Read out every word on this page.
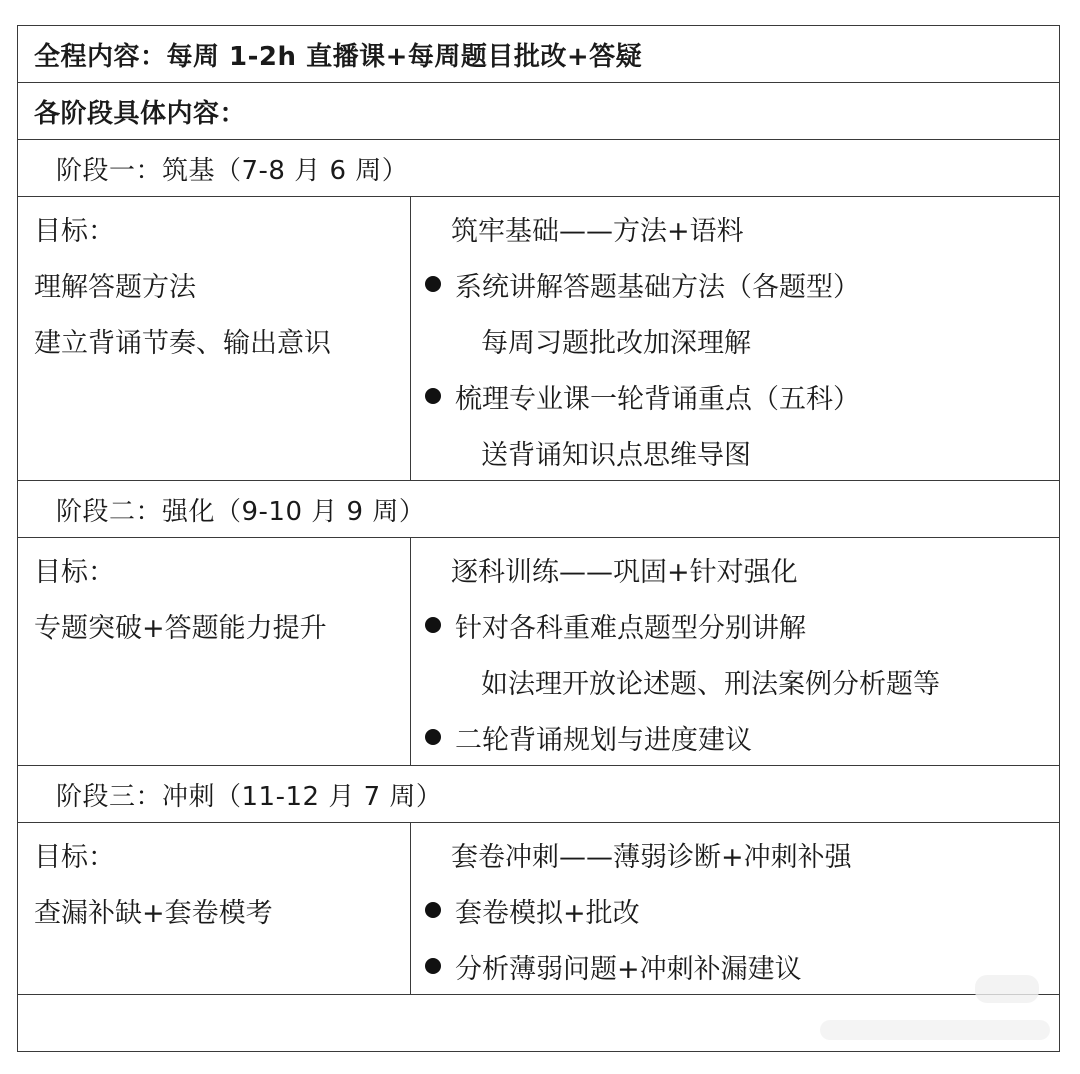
全程内容：每周 1-2h 直播课+每周题目批改+答疑
各阶段具体内容：
阶段一：筑基（7-8 月 6 周）
目标：
理解答题方法
建立背诵节奏、输出意识
筑牢基础——方法+语料
系统讲解答题基础方法（各题型）
每周习题批改加深理解
梳理专业课一轮背诵重点（五科）
送背诵知识点思维导图
阶段二：强化（9-10 月 9 周）
目标：
专题突破+答题能力提升
逐科训练——巩固+针对强化
针对各科重难点题型分别讲解
如法理开放论述题、刑法案例分析题等
二轮背诵规划与进度建议
阶段三：冲刺（11-12 月 7 周）
目标：
查漏补缺+套卷模考
套卷冲刺——薄弱诊断+冲刺补强
套卷模拟+批改
分析薄弱问题+冲刺补漏建议
